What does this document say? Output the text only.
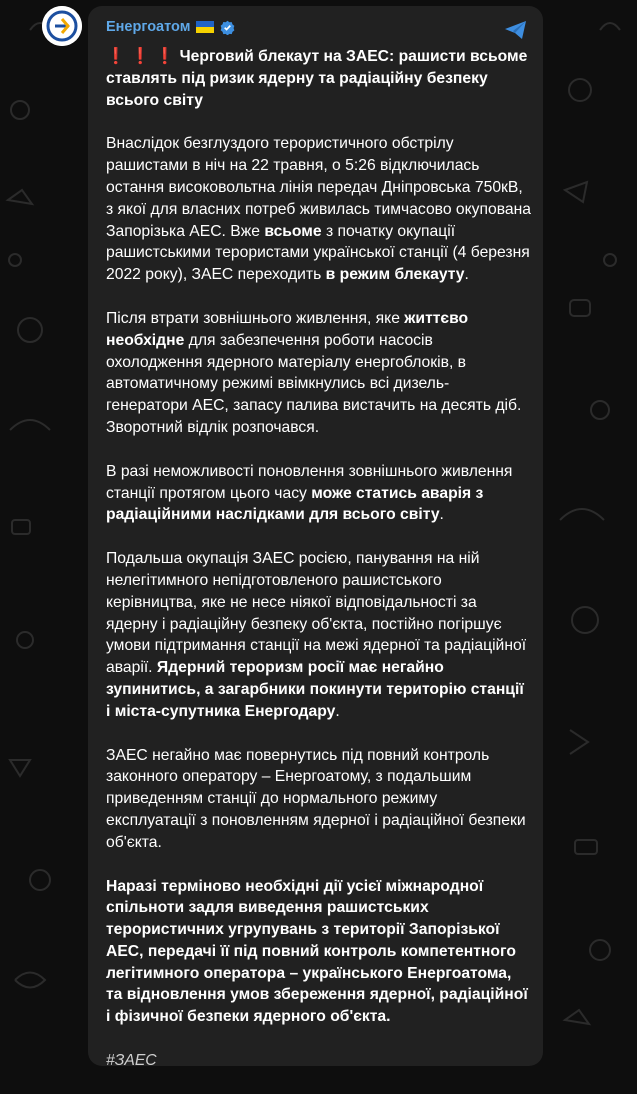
Енергоатом

❗️ ❗️ ❗️ Черговий блекаут на ЗАЕС: рашисти всьоме ставлять під ризик ядерну та радіаційну безпеку всього світу

Внаслідок безглуздого терористичного обстрілу рашистами в ніч на 22 травня, о 5:26 відключилась остання високовольтна лінія передач Дніпровська 750кВ, з якої для власних потреб живилась тимчасово окупована Запорізька АЕС. Вже всьоме з початку окупації рашистськими терористами української станції (4 березня 2022 року), ЗАЕС переходить в режим блекауту.

Після втрати зовнішнього живлення, яке життєво необхідне для забезпечення роботи насосів охолодження ядерного матеріалу енергоблоків, в автоматичному режимі ввімкнулись всі дизель-генератори АЕС, запасу палива вистачить на десять діб. Зворотний відлік розпочався.

В разі неможливості поновлення зовнішнього живлення станції протягом цього часу може статись аварія з радіаційними наслідками для всього світу.

Подальша окупація ЗАЕС росією, панування на ній нелегітимного непідготовленого рашистського керівництва, яке не несе ніякої відповідальності за ядерну і радіаційну безпеку об'єкта, постійно погіршує умови підтримання станції на межі ядерної та радіаційної аварії. Ядерний тероризм росії має негайно зупинитись, а загарбники покинути територію станції і міста-супутника Енергодару.

ЗАЕС негайно має повернутись під повний контроль законного оператору – Енергоатому, з подальшим приведенням станції до нормального режиму експлуатації з поновленням ядерної і радіаційної безпеки об'єкта.

Наразі терміново необхідні дії усієї міжнародної спільноти задля виведення рашистських терористичних угрупувань з території Запорізької АЕС, передачі її під повний контроль компетентного легітимного оператора – українського Енергоатома, та відновлення умов збереження ядерної, радіаційної і фізичної безпеки ядерного об'єкта.

#ЗАЕС
